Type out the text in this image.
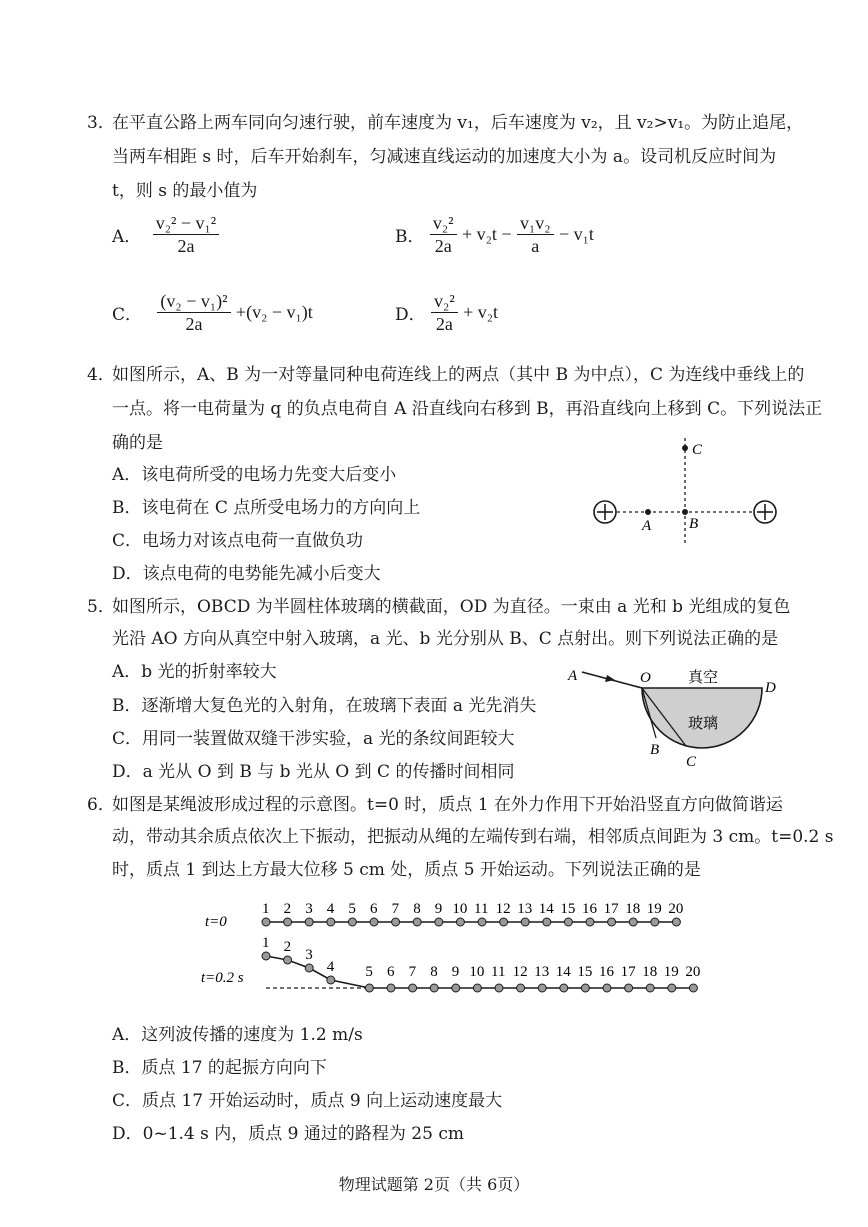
3．
在平直公路上两车同向匀速行驶，前车速度为 v₁，后车速度为 v₂，且 v₂>v₁。为防止追尾，
当两车相距 s 时，后车开始刹车，匀减速直线运动的加速度大小为 a。设司机反应时间为
t，则 s 的最小值为
A． $\frac{\text{v₂² − v₁²}}{2a}$	B． $\frac{\text{v₂²}}{2a} + v_2t - \frac{\text{v₁v₂}}{a} - v_1t$
C． $\frac{\text{(v₂ − v₁)²}}{2a} +(v_2 - v_1)t$	D． $\frac{\text{v₂²}}{2a} + v_2t$
4．
如图所示，A、B 为一对等量同种电荷连线上的两点（其中 B 为中点），C 为连线中垂线上的
一点。将一电荷量为 q 的负点电荷自 A 沿直线向右移到 B，再沿直线向上移到 C。下列说法正
确的是
A．该电荷所受的电场力先变大后变小
B．该电荷在 C 点所受电场力的方向向上
C．电场力对该点电荷一直做负功
D．该点电荷的电势能先减小后变大
A	B
C
5．
如图所示，OBCD 为半圆柱体玻璃的横截面，OD 为直径。一束由 a 光和 b 光组成的复色
光沿 AO 方向从真空中射入玻璃，a 光、b 光分别从 B、C 点射出。则下列说法正确的是
A．b 光的折射率较大
B．逐渐增大复色光的入射角，在玻璃下表面 a 光先消失
C．用同一装置做双缝干涉实验，a 光的条纹间距较大
D．a 光从 O 到 B 与 b 光从 O 到 C 的传播时间相同
A	O
D
B
C
真空
玻璃
6．
如图是某绳波形成过程的示意图。t=0 时，质点 1 在外力作用下开始沿竖直方向做简谐运
动，带动其余质点依次上下振动，把振动从绳的左端传到右端，相邻质点间距为 3 cm。t=0.2 s
时，质点 1 到达上方最大位移 5 cm 处，质点 5 开始运动。下列说法正确的是
t=0
t=0.2 s
1 2 3 4 5 6 7 8 9 10 11 12 13 14 15 16 17 18 19 20
1 2 3
4 5 6 7 8 9 10 11 12 13 14 15 16 17 18 19 20
A．这列波传播的速度为 1.2 m/s
B．质点 17 的起振方向向下
C．质点 17 开始运动时，质点 9 向上运动速度最大
D．0~1.4 s 内，质点 9 通过的路程为 25 cm
物理试题第 2页（共 6页）
